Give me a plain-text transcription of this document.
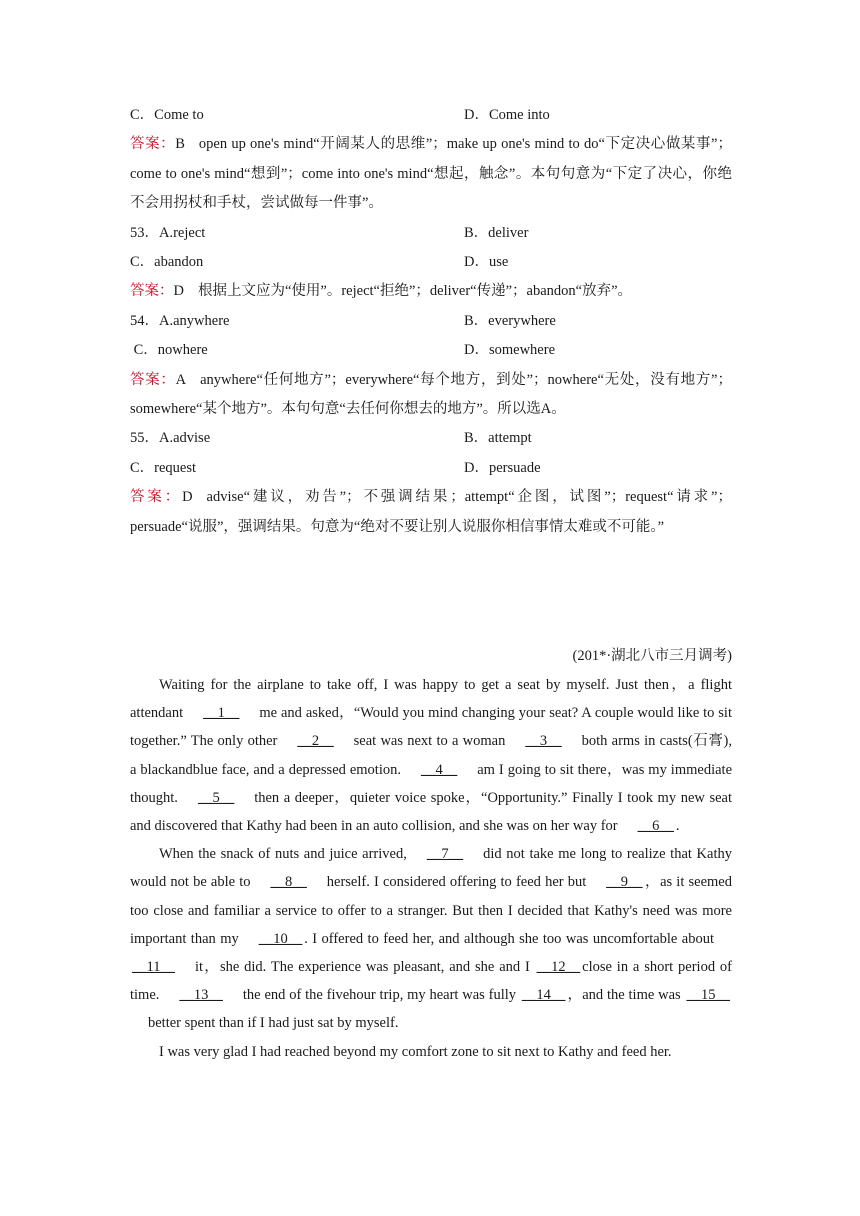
C．Come to	D．Come into
答案：B open up one's mind“开阔某人的思维”；make up one's mind to do“下定决心做某事”；come to one's mind“想到”；come into one's mind“想起，触念”。本句句意为“下定了决心，你绝不会用拐杖和手杖，尝试做每一件事”。
53．A.reject	B．deliver
C．abandon	D．use
答案：D 根据上文应为“使用”。reject“拒绝”；deliver“传递”；abandon“放弃”。
54．A.anywhere	B．everywhere
C．nowhere	D．somewhere
答案：A anywhere“任何地方”；everywhere“每个地方，到处”；nowhere“无处，没有地方”；somewhere“某个地方”。本句句意“去任何你想去的地方”。所以选A。
55．A.advise	B．attempt
C．request	D．persuade
答案：D advise“建议，劝告”；不强调结果；attempt“企图，试图”；request“请求”；persuade“说服”，强调结果。句意为“绝对不要让别人说服你相信事情太难或不可能。”
(201*·湖北八市三月调考)

Waiting for the airplane to take off, I was happy to get a seat by myself. Just then，a flight attendant __1__ me and asked，“Would you mind changing your seat? A couple would like to sit together.” The only other __2__ seat was next to a woman __3__ both arms in casts(石膏), a blackandblue face, and a depressed emotion. __4__ am I going to sit there，was my immediate thought. __5__ then a deeper，quieter voice spoke，“Opportunity.” Finally I took my new seat and discovered that Kathy had been in an auto collision, and she was on her way for __6__ .

When the snack of nuts and juice arrived, __7__ did not take me long to realize that Kathy would not be able to __8__ herself. I considered offering to feed her but __9__ ，as it seemed too close and familiar a service to offer to a stranger. But then I decided that Kathy's need was more important than my __10__ . I offered to feed her, and although she too was uncomfortable about__11__ it，she did. The experience was pleasant, and she and I __12__ close in a short period of time. __13__ the end of the fivehour trip, my heart was fully __14__ ，and the time was __15__better spent than if I had just sat by myself.

I was very glad I had reached beyond my comfort zone to sit next to Kathy and feed her.
